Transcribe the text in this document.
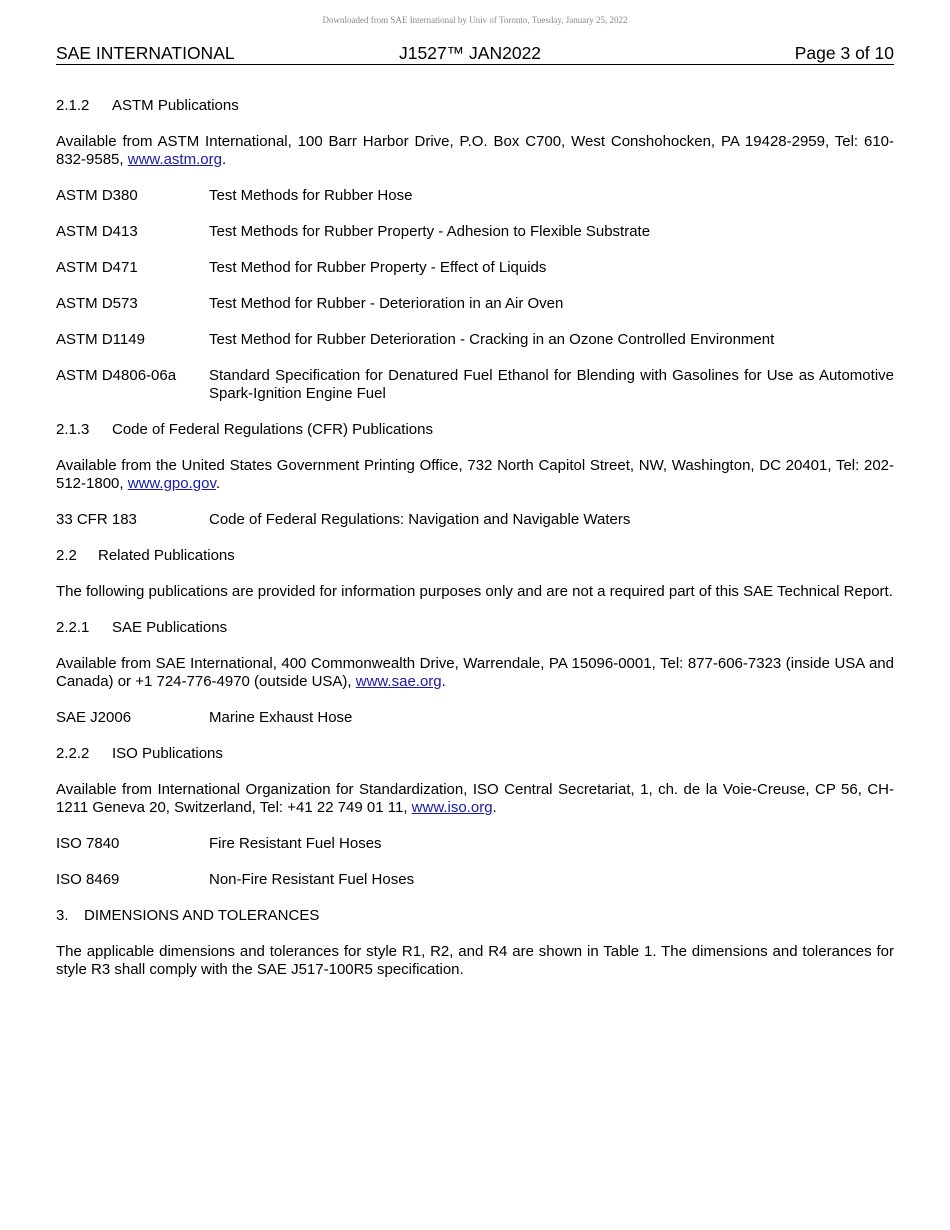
Downloaded from SAE International by Univ of Toronto, Tuesday, January 25, 2022
SAE INTERNATIONAL	J1527™ JAN2022	Page 3 of 10
2.1.2 ASTM Publications
Available from ASTM International, 100 Barr Harbor Drive, P.O. Box C700, West Conshohocken, PA 19428-2959, Tel: 610-832-9585, www.astm.org.
ASTM D380	Test Methods for Rubber Hose
ASTM D413	Test Methods for Rubber Property - Adhesion to Flexible Substrate
ASTM D471	Test Method for Rubber Property - Effect of Liquids
ASTM D573	Test Method for Rubber - Deterioration in an Air Oven
ASTM D1149	Test Method for Rubber Deterioration - Cracking in an Ozone Controlled Environment
ASTM D4806-06a	Standard Specification for Denatured Fuel Ethanol for Blending with Gasolines for Use as Automotive Spark-Ignition Engine Fuel
2.1.3 Code of Federal Regulations (CFR) Publications
Available from the United States Government Printing Office, 732 North Capitol Street, NW, Washington, DC 20401, Tel: 202-512-1800, www.gpo.gov.
33 CFR 183	Code of Federal Regulations: Navigation and Navigable Waters
2.2 Related Publications
The following publications are provided for information purposes only and are not a required part of this SAE Technical Report.
2.2.1 SAE Publications
Available from SAE International, 400 Commonwealth Drive, Warrendale, PA 15096-0001, Tel: 877-606-7323 (inside USA and Canada) or +1 724-776-4970 (outside USA), www.sae.org.
SAE J2006	Marine Exhaust Hose
2.2.2 ISO Publications
Available from International Organization for Standardization, ISO Central Secretariat, 1, ch. de la Voie-Creuse, CP 56, CH-1211 Geneva 20, Switzerland, Tel: +41 22 749 01 11, www.iso.org.
ISO 7840	Fire Resistant Fuel Hoses
ISO 8469	Non-Fire Resistant Fuel Hoses
3. DIMENSIONS AND TOLERANCES
The applicable dimensions and tolerances for style R1, R2, and R4 are shown in Table 1. The dimensions and tolerances for style R3 shall comply with the SAE J517-100R5 specification.
